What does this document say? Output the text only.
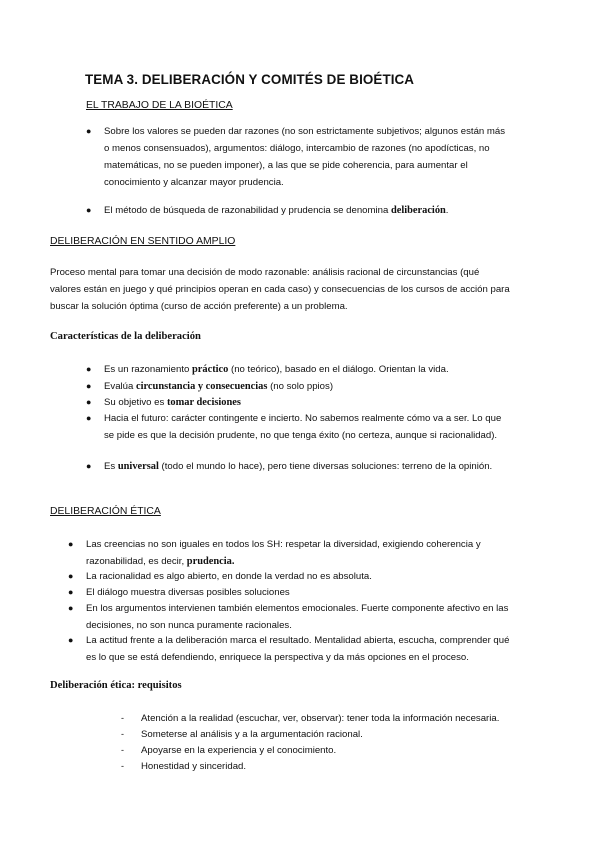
TEMA 3. DELIBERACIÓN Y COMITÉS DE BIOÉTICA
EL TRABAJO DE LA BIOÉTICA
● Sobre los valores se pueden dar razones (no son estrictamente subjetivos; algunos están más o menos consensuados), argumentos: diálogo, intercambio de razones (no apodícticas, no matemáticas, no se pueden imponer), a las que se pide coherencia, para aumentar el conocimiento y alcanzar mayor prudencia.
● El método de búsqueda de razonabilidad y prudencia se denomina deliberación.
DELIBERACIÓN EN SENTIDO AMPLIO

Proceso mental para tomar una decisión de modo razonable: análisis racional de circunstancias (qué valores están en juego y qué principios operan en cada caso) y consecuencias de los cursos de acción para buscar la solución óptima (curso de acción preferente) a un problema.

Características de la deliberación
● Es un razonamiento práctico (no teórico), basado en el diálogo. Orientan la vida.
● Evalúa circunstancia y consecuencias (no solo ppios)
● Su objetivo es tomar decisiones
● Hacia el futuro: carácter contingente e incierto. No sabemos realmente cómo va a ser. Lo que se pide es que la decisión prudente, no que tenga éxito (no certeza, aunque si racionalidad).
● Es universal (todo el mundo lo hace), pero tiene diversas soluciones: terreno de la opinión.
DELIBERACIÓN ÉTICA
● Las creencias no son iguales en todos los SH: respetar la diversidad, exigiendo coherencia y razonabilidad, es decir, prudencia.
● La racionalidad es algo abierto, en donde la verdad no es absoluta.
● El diálogo muestra diversas posibles soluciones
● En los argumentos intervienen también elementos emocionales. Fuerte componente afectivo en las decisiones, no son nunca puramente racionales.
● La actitud frente a la deliberación marca el resultado. Mentalidad abierta, escucha, comprender qué es lo que se está defendiendo, enriquece la perspectiva y da más opciones en el proceso.
Deliberación ética: requisitos
- Atención a la realidad (escuchar, ver, observar): tener toda la información necesaria.
- Someterse al análisis y a la argumentación racional.
- Apoyarse en la experiencia y el conocimiento.
- Honestidad y sinceridad.
